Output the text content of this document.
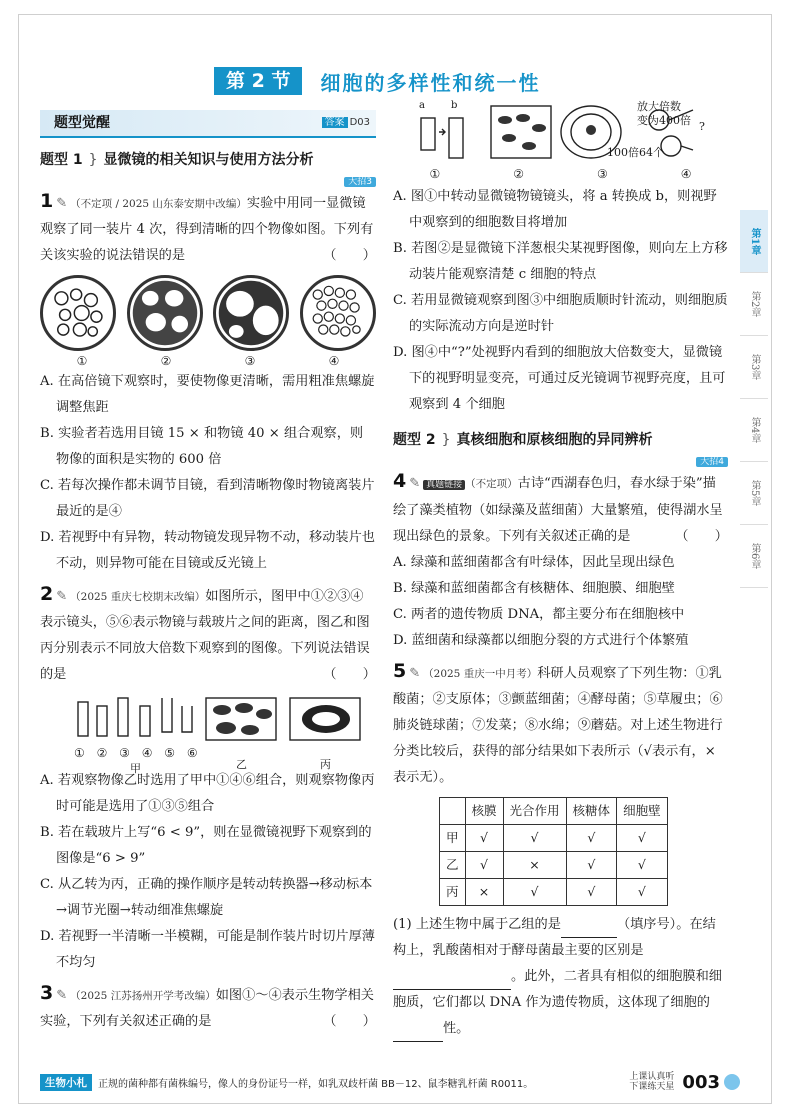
第 2 节	细胞的多样性和统一性
题型觉醒	答案 D03
题型 1 } 显微镜的相关知识与使用方法分析
大招3

1 ✎ （不定项 / 2025 山东泰安期中改编）实验中用同一显微镜观察了同一装片 4 次，得到清晰的四个物像如图。下列有关该实验的说法错误的是	（　　）

①	②	③	④

A. 在高倍镜下观察时，要使物像更清晰，需用粗准焦螺旋调整焦距

B. 实验者若选用目镜 15 × 和物镜 40 × 组合观察，则物像的面积是实物的 600 倍

C. 若每次操作都未调节目镜，看到清晰物像时物镜离装片最近的是④

D. 若视野中有异物，转动物镜发现异物不动，移动装片也不动，则异物可能在目镜或反光镜上

2 ✎ （2025 重庆七校期末改编）如图所示，图甲中①②③④表示镜头，⑤⑥表示物镜与载玻片之间的距离，图乙和图丙分别表示不同放大倍数下观察到的图像。下列说法错误的是	（　　）

① ② ③ ④ ⑤ ⑥
甲	乙	丙

A. 若观察物像乙时选用了甲中①④⑥组合，则观察物像丙时可能是选用了①③⑤组合

B. 若在载玻片上写“6 < 9”，则在显微镜视野下观察到的图像是“6 > 9”

C. 从乙转为丙，正确的操作顺序是转动转换器→移动标本→调节光圈→转动细准焦螺旋

D. 若视野一半清晰一半模糊，可能是制作装片时切片厚薄不均匀

3 ✎ （2025 江苏扬州开学考改编）如图①～④表示生物学相关实验，下列有关叙述正确的是	（　　）

a	b	放大倍数
变为400倍 ?
100倍64个
①	②	③	④

A. 图①中转动显微镜物镜镜头，将 a 转换成 b，则视野中观察到的细胞数目将增加

B. 若图②是显微镜下洋葱根尖某视野图像，则向左上方移动装片能观察清楚 c 细胞的特点

C. 若用显微镜观察到图③中细胞质顺时针流动，则细胞质的实际流动方向是逆时针

D. 图④中“?”处视野内看到的细胞放大倍数变大，显微镜下的视野明显变亮，可通过反光镜调节视野亮度，且可观察到 4 个细胞

题型 2 } 真核细胞和原核细胞的异同辨析
大招4

4 ✎ 真题链接 （不定项）古诗“西湖春色归，春水绿于染”描绘了藻类植物（如绿藻及蓝细菌）大量繁殖，使得湖水呈现出绿色的景象。下列有关叙述正确的是	（　　）

A. 绿藻和蓝细菌都含有叶绿体，因此呈现出绿色

B. 绿藻和蓝细菌都含有核糖体、细胞膜、细胞壁

C. 两者的遗传物质 DNA，都主要分布在细胞核中

D. 蓝细菌和绿藻都以细胞分裂的方式进行个体繁殖

5 ✎ （2025 重庆一中月考）科研人员观察了下列生物：①乳酸菌；②支原体；③颤蓝细菌；④酵母菌；⑤草履虫；⑥肺炎链球菌；⑦发菜；⑧水绵；⑨蘑菇。对上述生物进行分类比较后，获得的部分结果如下表所示（√表示有，× 表示无）。

	核膜	光合作用	核糖体	细胞壁
甲	√	√	√	√
乙	√	×	√	√
丙	×	√	√	√

(1) 上述生物中属于乙组的是	（填序号）。在结构上，乳酸菌相对于酵母菌最主要的区别是。此外，二者具有相似的细胞膜和细胞质，它们都以 DNA 作为遗传物质，这体现了细胞的性。

第1章
第2章
第3章
第4章
第5章
第6章
生物小札	正规的菌种都有菌株编号，像人的身份证号一样，如乳双歧杆菌 BB－12、鼠李糖乳杆菌 R0011。
上课认真听
下课练天星 003
